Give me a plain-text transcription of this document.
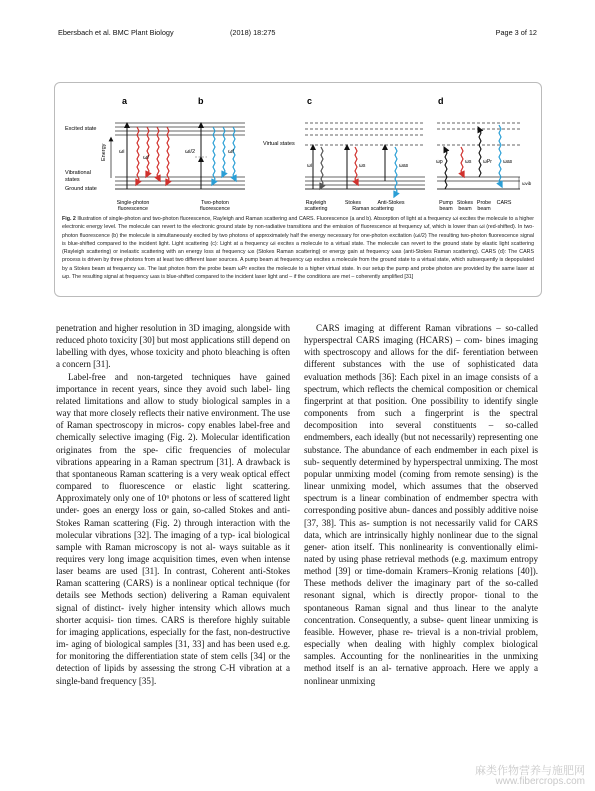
Ebersbach et al. BMC Plant Biology	(2018) 18:275	Page 3 of 12
a	b	c	d
Excited state
Vibrational
states
Ground state
Energy ωi
ωf
Single-photon
fluorescence
ωi/2	ωf
Two-photon
fluorescence
Virtual states
ωi	ωs	ωas
Rayleigh
scattering
Stokes	Anti-Stokes
Raman scattering
ωp	ωs ωPr ωas
ωvib
Pump
beam
Stokes
beam
Probe
beam
CARS
Fig. 2 Illustration of single-photon and two-photon fluorescence, Rayleigh and Raman scattering and CARS. Fluorescence (a and b). Absorption of light at a frequency ωi excites the molecule to a higher electronic energy level. The molecule can revert to the electronic ground state by non-radiative transitions and the emission of fluorescence at frequency ωf, which is lower than ωi (red-shifted). In two-photon fluorescence (b) the molecule is simultaneously excited by two photons of approximately half the energy necessary for one-photon excitation (ωi/2) The resulting two-photon fluorescence signal is blue-shifted compared to the incident light. Light scattering (c): Light at a frequency ωi excites a molecule to a virtual state. The molecule can revert to the ground state by elastic light scattering (Rayleigh scattering) or inelastic scattering with an energy loss at frequency ωs (Stokes Raman scattering) or energy gain at frequency ωas (anti-Stokes Raman scattering). CARS (d): The CARS process is driven by three photons from at least two different laser sources. A pump beam at frequency ωp excites a molecule from the ground state to a virtual state, which subsequently is depopulated by a Stokes beam at frequency ωs. The last photon from the probe beam ωPr excites the molecule to a higher virtual state. In our setup the pump and probe photon are provided by the same laser at ωp. The resulting signal at frequency ωas is blue-shifted compared to the incident laser light and – if the conditions are met – coherently amplified [31]

penetration and higher resolution in 3D imaging, alongside with reduced photo toxicity [30] but most applications still depend on labelling with dyes, whose toxicity and photo bleaching is often a concern [31].

Label-free and non-targeted techniques have gained importance in recent years, since they avoid such label- ling related limitations and allow to study biological samples in a way that more closely reflects their native environment. The use of Raman spectroscopy in micros- copy enables label-free and chemically selective imaging (Fig. 2). Molecular identification originates from the spe- cific frequencies of molecular vibrations appearing in a Raman spectrum [31]. A drawback is that spontaneous Raman scattering is a very weak optical effect compared to fluorescence or elastic light scattering. Approximately only one of 10⁶ photons or less of scattered light under- goes an energy loss or gain, so-called Stokes and anti-Stokes Raman scattering (Fig. 2) through interaction with the molecular vibrations [32]. The imaging of a typ- ical biological sample with Raman microscopy is not al- ways suitable as it requires very long image acquisition times, even when intense laser beams are used [31]. In contrast, Coherent anti-Stokes Raman scattering (CARS) is a nonlinear optical technique (for details see Methods section) delivering a Raman equivalent signal of distinct- ively higher intensity which allows much shorter acquisi- tion times. CARS is therefore highly suitable for imaging applications, especially for the fast, non-destructive im- aging of biological samples [31, 33] and has been used e.g. for monitoring the differentiation state of stem cells [34] or the detection of lipids by assessing the strong C-H vibration at a single-band frequency [35].

CARS imaging at different Raman vibrations – so-called hyperspectral CARS imaging (HCARS) – com- bines imaging with spectroscopy and allows for the dif- ferentiation between different substances with the use of sophisticated data evaluation methods [36]: Each pixel in an image consists of a spectrum, which reflects the chemical composition or chemical fingerprint at that position. One possibility to identify single components from such a fingerprint is the spectral decomposition into several constituents – so-called endmembers, each ideally (but not necessarily) representing one substance. The abundance of each endmember in each pixel is sub- sequently determined by hyperspectral unmixing. The most popular unmixing model (coming from remote sensing) is the linear unmixing model, which assumes that the observed spectrum is a linear combination of endmember spectra with corresponding positive abun- dances and possibly additive noise [37, 38]. This as- sumption is not necessarily valid for CARS data, which are intrinsically highly nonlinear due to the signal gener- ation itself. This nonlinearity is conventionally elimi- nated by using phase retrieval methods (e.g. maximum entropy method [39] or time-domain Kramers–Kronig relations [40]). These methods deliver the imaginary part of the so-called resonant signal, which is directly propor- tional to the spontaneous Raman signal and thus linear to the analyte concentration. Consequently, a subse- quent linear unmixing is feasible. However, phase re- trieval is a non-trivial problem, especially when dealing with highly complex biological samples. Accounting for the nonlinearities in the unmixing method itself is an al- ternative approach. Here we apply a nonlinear unmixing

麻类作物营养与施肥网
www.fibercrops.com
